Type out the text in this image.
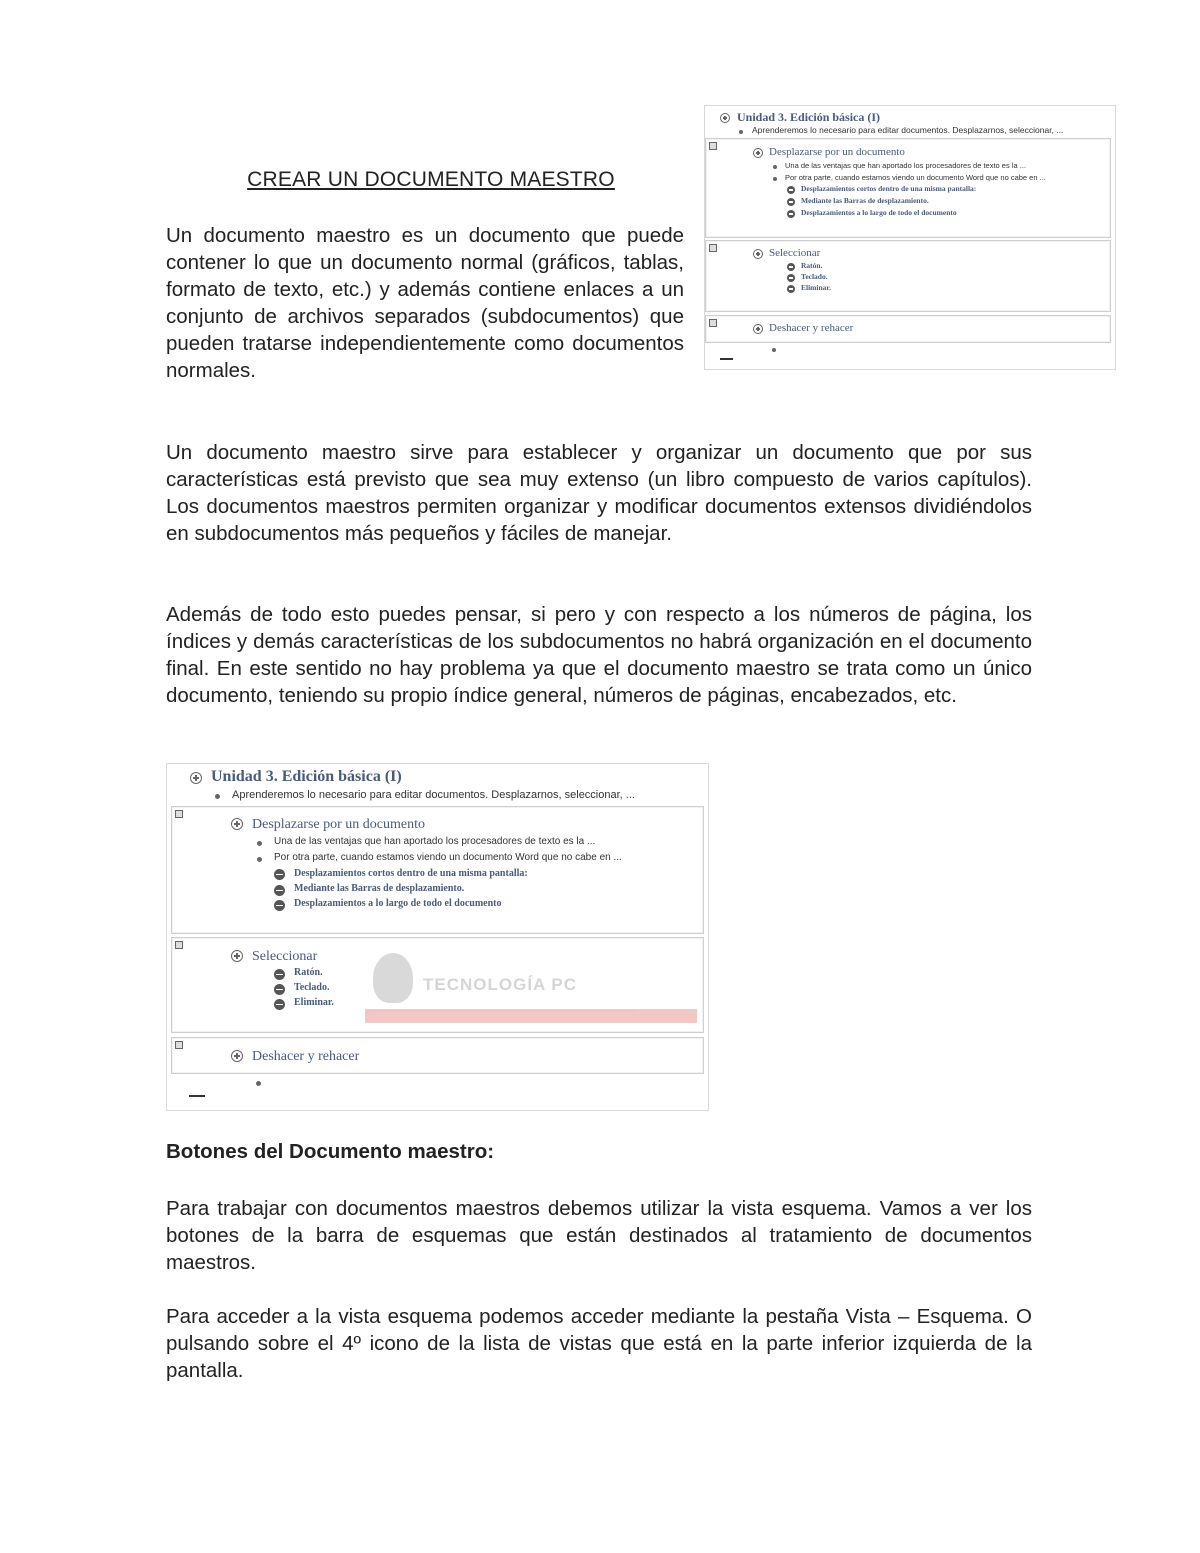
CREAR UN DOCUMENTO MAESTRO

Un documento maestro es un documento que puede contener lo que un documento normal (gráficos, tablas, formato de texto, etc.) y además contiene enlaces a un conjunto de archivos separados (subdocumentos) que pueden tratarse independientemente como documentos normales.

Unidad 3. Edición básica (I)
Aprenderemos lo necesario para editar documentos. Desplazarnos, seleccionar, ...
Desplazarse por un documento
Una de las ventajas que han aportado los procesadores de texto es la ...
Por otra parte, cuando estamos viendo un documento Word que no cabe en ...
Desplazamientos cortos dentro de una misma pantalla:
Mediante las Barras de desplazamiento.
Desplazamientos a lo largo de todo el documento
Seleccionar
Ratón.
Teclado.
Eliminar.
Deshacer y rehacer

Un documento maestro sirve para establecer y organizar un documento que por sus características está previsto que sea muy extenso (un libro compuesto de varios capítulos). Los documentos maestros permiten organizar y modificar documentos extensos dividiéndolos en subdocumentos más pequeños y fáciles de manejar.

Además de todo esto puedes pensar, si pero y con respecto a los números de página, los índices y demás características de los subdocumentos no habrá organización en el documento final. En este sentido no hay problema ya que el documento maestro se trata como un único documento, teniendo su propio índice general, números de páginas, encabezados, etc.

Unidad 3. Edición básica (I)
Aprenderemos lo necesario para editar documentos. Desplazarnos, seleccionar, ...
Desplazarse por un documento
Una de las ventajas que han aportado los procesadores de texto es la ...
Por otra parte, cuando estamos viendo un documento Word que no cabe en ...
Desplazamientos cortos dentro de una misma pantalla:
Mediante las Barras de desplazamiento.
Desplazamientos a lo largo de todo el documento
TECNOLOGÍA PC
Seleccionar
Ratón.
Teclado.
Eliminar.
Deshacer y rehacer
Botones del Documento maestro:

Para trabajar con documentos maestros debemos utilizar la vista esquema. Vamos a ver los botones de la barra de esquemas que están destinados al tratamiento de documentos maestros.

Para acceder a la vista esquema podemos acceder mediante la pestaña Vista – Esquema. O pulsando sobre el 4º icono de la lista de vistas que está en la parte inferior izquierda de la pantalla.
